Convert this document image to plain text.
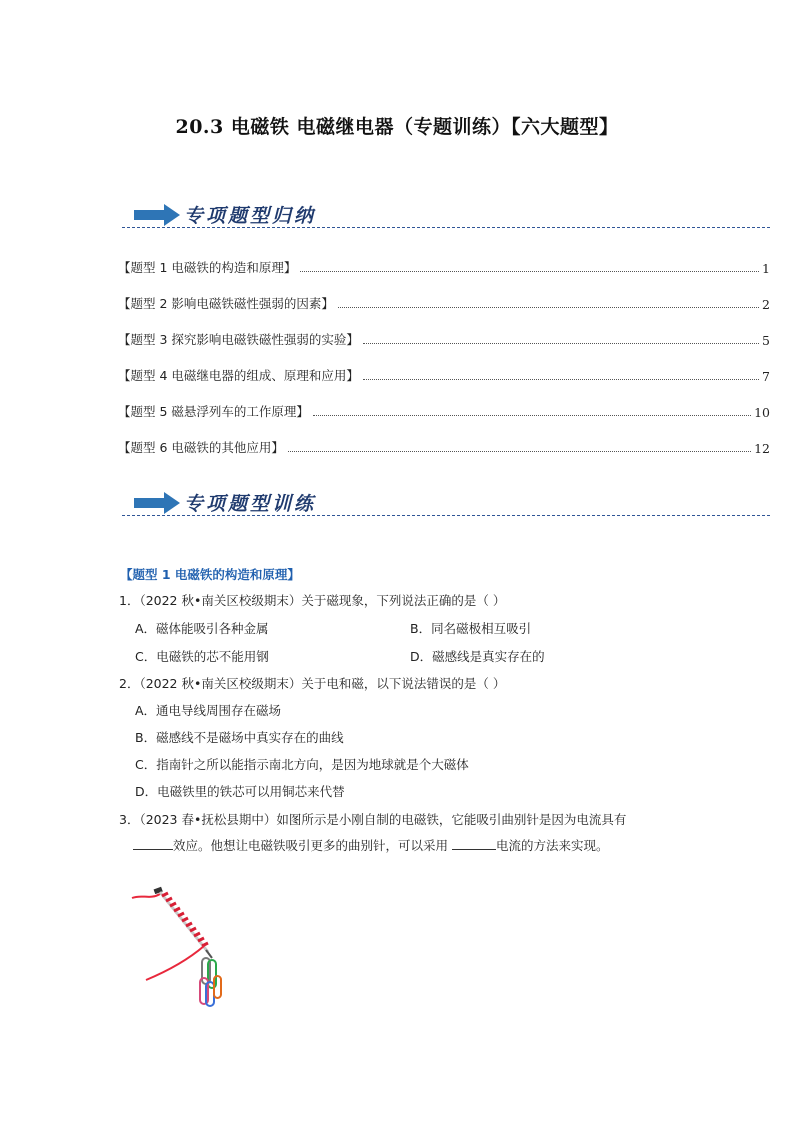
20.3 电磁铁 电磁继电器（专题训练）【六大题型】
专项题型归纳
【题型 1 电磁铁的构造和原理】	1
【题型 2 影响电磁铁磁性强弱的因素】	2
【题型 3 探究影响电磁铁磁性强弱的实验】	5
【题型 4 电磁继电器的组成、原理和应用】	7
【题型 5 磁悬浮列车的工作原理】	10
【题型 6 电磁铁的其他应用】	12
专项题型训练
【题型 1 电磁铁的构造和原理】
1．（2022 秋•南关区校级期末）关于磁现象，下列说法正确的是（ ）
A．磁体能吸引各种金属	B．同名磁极相互吸引
C．电磁铁的芯不能用钢	D．磁感线是真实存在的
2．（2022 秋•南关区校级期末）关于电和磁，以下说法错误的是（ ）
A．通电导线周围存在磁场
B．磁感线不是磁场中真实存在的曲线
C．指南针之所以能指示南北方向，是因为地球就是个大磁体
D．电磁铁里的铁芯可以用铜芯来代替
3．（2023 春•抚松县期中）如图所示是小刚自制的电磁铁，它能吸引曲别针是因为电流具有
效应。他想让电磁铁吸引更多的曲别针，可以采用	电流的方法来实现。
